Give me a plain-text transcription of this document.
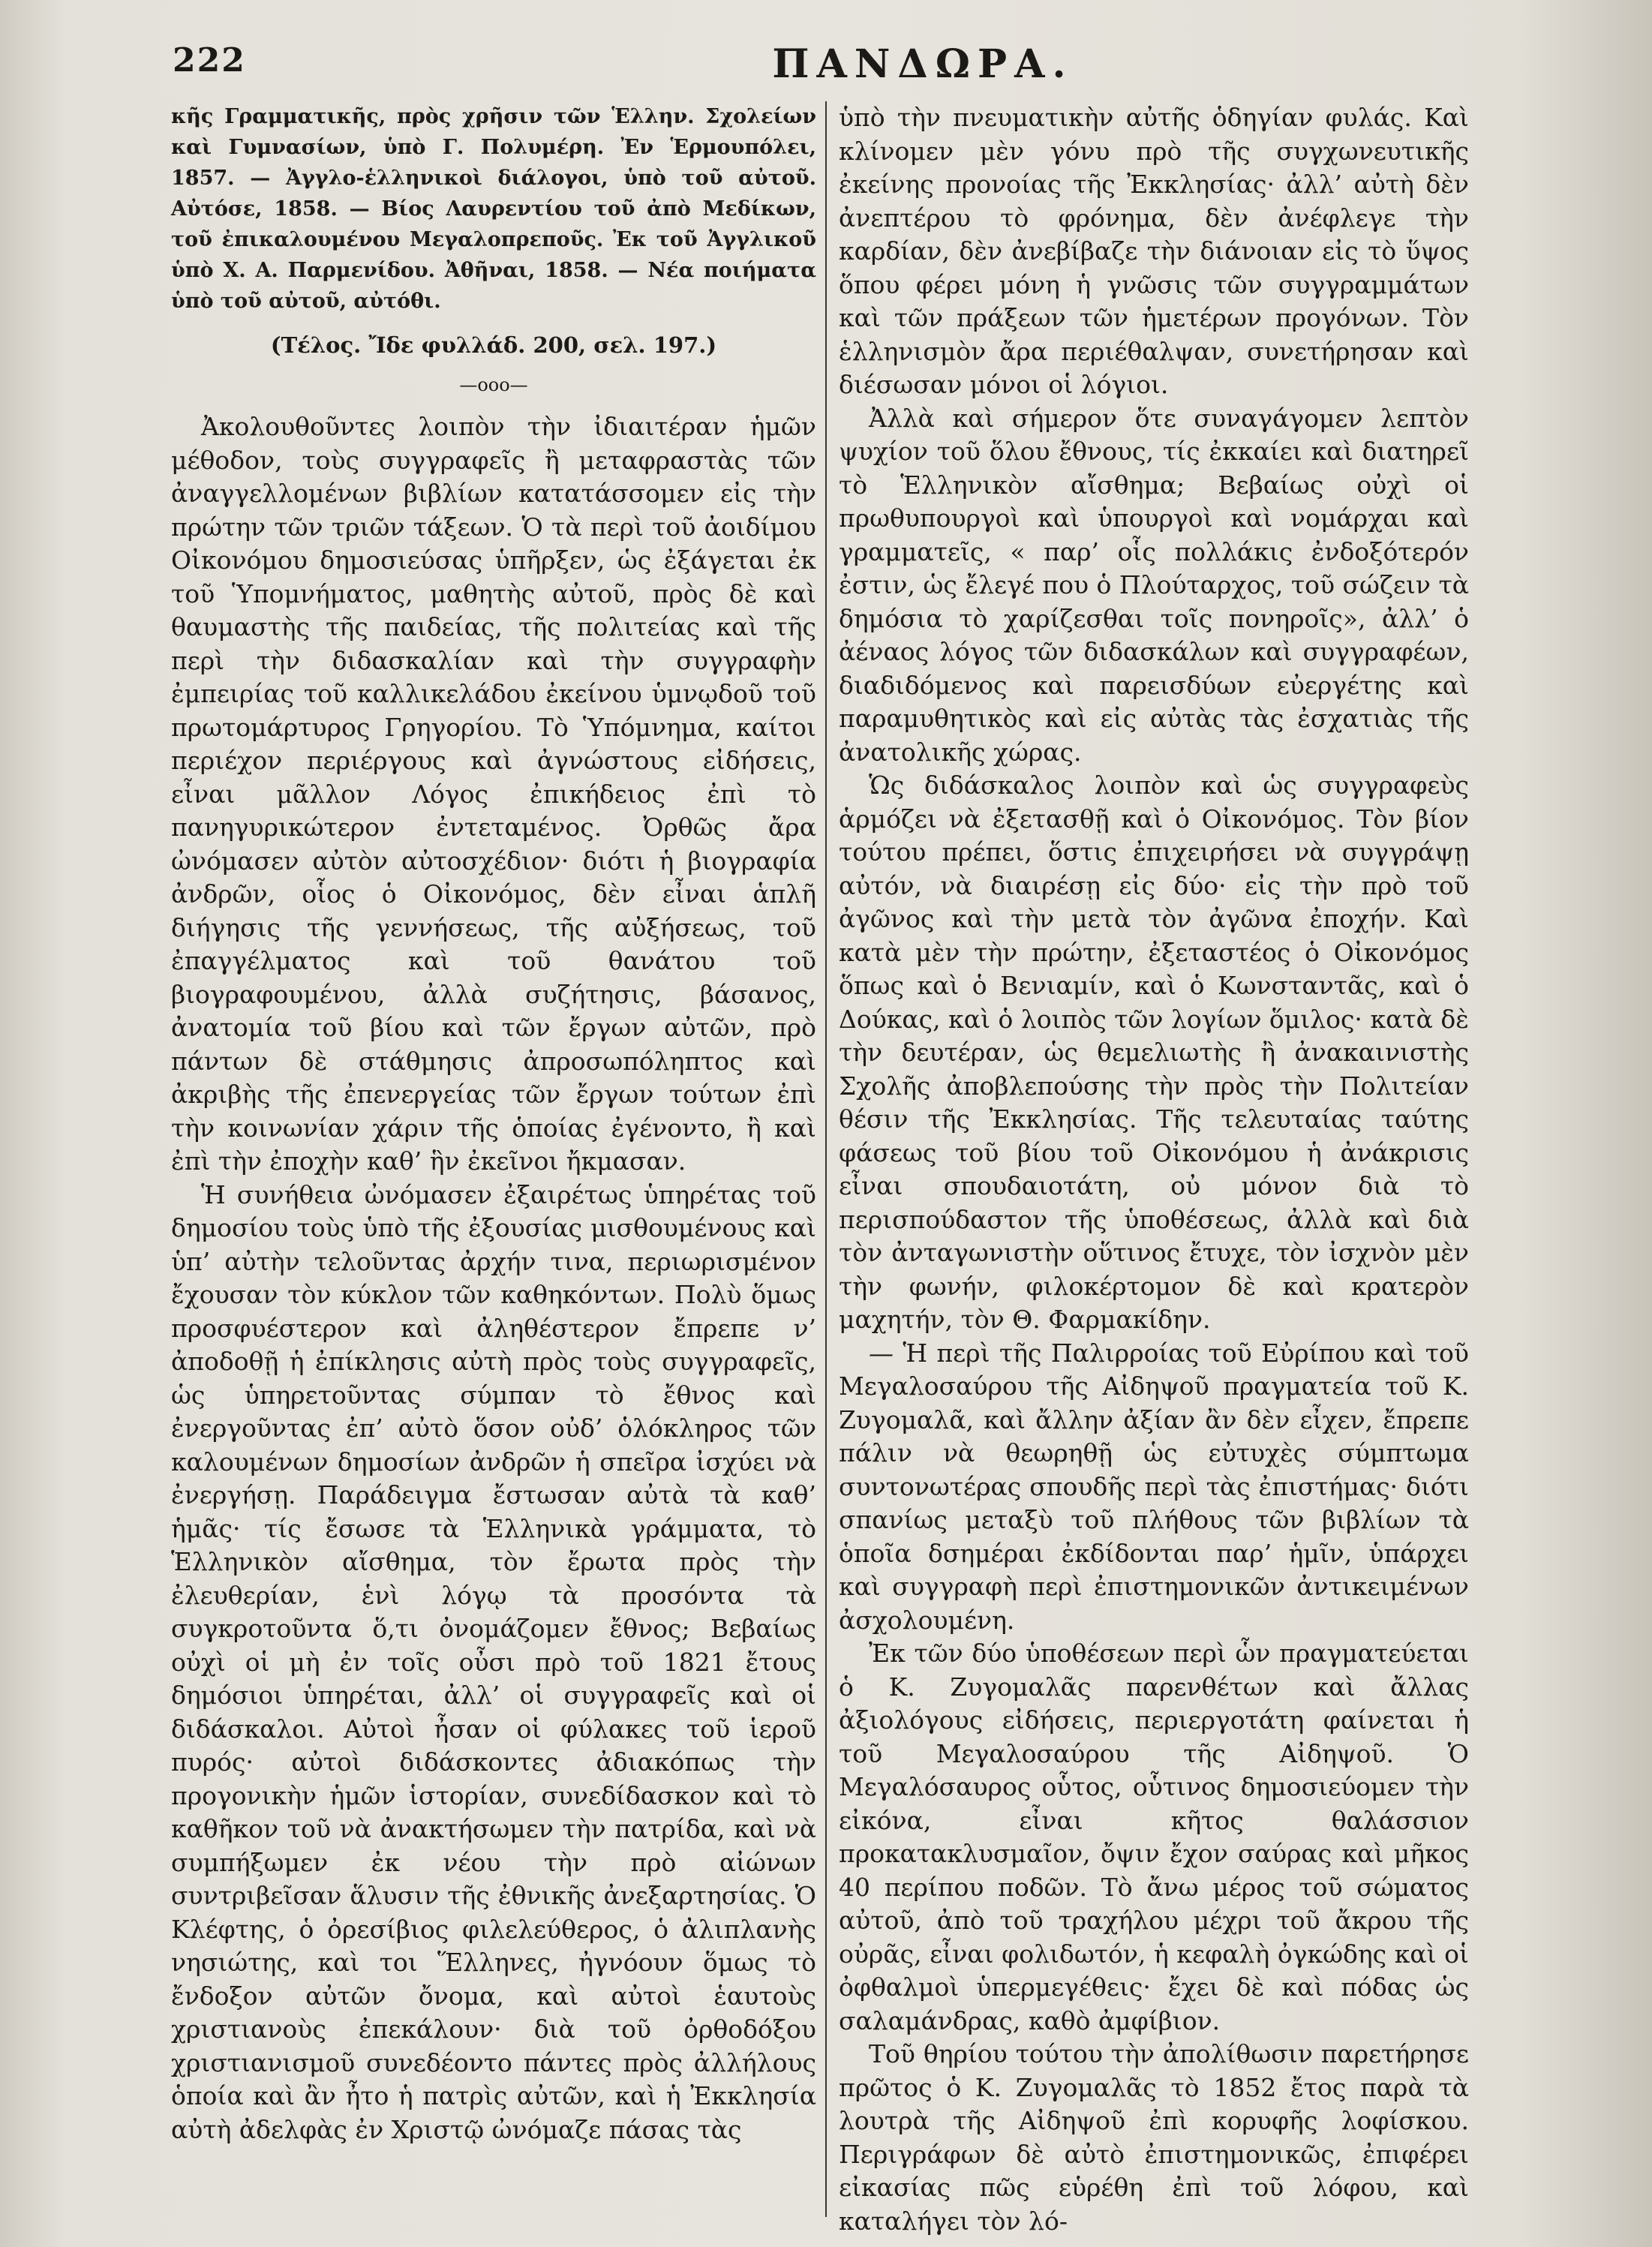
222	ΠΑΝΔΩΡΑ.

κῆς Γραμματικῆς, πρὸς χρῆσιν τῶν Ἑλλην. Σχολείων καὶ Γυμνασίων, ὑπὸ Γ. Πολυμέρη. Ἐν Ἑρμουπόλει, 1857. — Ἀγγλο-ἑλληνικοὶ διάλογοι, ὑπὸ τοῦ αὐτοῦ. Αὐτόσε, 1858. — Βίος Λαυρεντίου τοῦ ἀπὸ Μεδίκων, τοῦ ἐπικαλουμένου Μεγαλοπρεποῦς. Ἐκ τοῦ Ἀγγλικοῦ ὑπὸ Χ. Α. Παρμενίδου. Ἀθῆναι, 1858. — Νέα ποιήματα ὑπὸ τοῦ αὐτοῦ, αὐτόθι.

(Τέλος. Ἴδε φυλλάδ. 200, σελ. 197.)

—ooo—

Ἀκολουθοῦντες λοιπὸν τὴν ἰδιαιτέραν ἡμῶν μέθοδον, τοὺς συγγραφεῖς ἢ μεταφραστὰς τῶν ἀναγγελλομένων βιβλίων κατατάσσομεν εἰς τὴν πρώτην τῶν τριῶν τάξεων. Ὁ τὰ περὶ τοῦ ἀοιδίμου Οἰκονόμου δημοσιεύσας ὑπῆρξεν, ὡς ἐξάγεται ἐκ τοῦ Ὑπομνήματος, μαθητὴς αὐτοῦ, πρὸς δὲ καὶ θαυμαστὴς τῆς παιδείας, τῆς πολιτείας καὶ τῆς περὶ τὴν διδασκαλίαν καὶ τὴν συγγραφὴν ἐμπειρίας τοῦ καλλικελάδου ἐκείνου ὑμνῳδοῦ τοῦ πρωτομάρτυρος Γρηγορίου. Τὸ Ὑπόμνημα, καίτοι περιέχον περιέργους καὶ ἀγνώστους εἰδήσεις, εἶναι μᾶλλον Λόγος ἐπικήδειος ἐπὶ τὸ πανηγυρικώτερον ἐντεταμένος. Ὀρθῶς ἄρα ὠνόμασεν αὐτὸν αὐτοσχέδιον· διότι ἡ βιογραφία ἀνδρῶν, οἷος ὁ Οἰκονόμος, δὲν εἶναι ἁπλῆ διήγησις τῆς γεννήσεως, τῆς αὐξήσεως, τοῦ ἐπαγγέλματος καὶ τοῦ θανάτου τοῦ βιογραφουμένου, ἀλλὰ συζήτησις, βάσανος, ἀνατομία τοῦ βίου καὶ τῶν ἔργων αὐτῶν, πρὸ πάντων δὲ στάθμησις ἀπροσωπόληπτος καὶ ἀκριβὴς τῆς ἐπενεργείας τῶν ἔργων τούτων ἐπὶ τὴν κοινωνίαν χάριν τῆς ὁποίας ἐγένοντο, ἢ καὶ ἐπὶ τὴν ἐποχὴν καθ’ ἣν ἐκεῖνοι ἤκμασαν.

Ἡ συνήθεια ὠνόμασεν ἐξαιρέτως ὑπηρέτας τοῦ δημοσίου τοὺς ὑπὸ τῆς ἐξουσίας μισθουμένους καὶ ὑπ’ αὐτὴν τελοῦντας ἀρχήν τινα, περιωρισμένον ἔχουσαν τὸν κύκλον τῶν καθηκόντων. Πολὺ ὅμως προσφυέστερον καὶ ἀληθέστερον ἔπρεπε ν’ ἀποδοθῇ ἡ ἐπίκλησις αὐτὴ πρὸς τοὺς συγγραφεῖς, ὡς ὑπηρετοῦντας σύμπαν τὸ ἔθνος καὶ ἐνεργοῦντας ἐπ’ αὐτὸ ὅσον οὐδ’ ὁλόκληρος τῶν καλουμένων δημοσίων ἀνδρῶν ἡ σπεῖρα ἰσχύει νὰ ἐνεργήσῃ. Παράδειγμα ἔστωσαν αὐτὰ τὰ καθ’ ἡμᾶς· τίς ἔσωσε τὰ Ἑλληνικὰ γράμματα, τὸ Ἑλληνικὸν αἴσθημα, τὸν ἔρωτα πρὸς τὴν ἐλευθερίαν, ἑνὶ λόγῳ τὰ προσόντα τὰ συγκροτοῦντα ὅ,τι ὀνομάζομεν ἔθνος; Βεβαίως οὐχὶ οἱ μὴ ἐν τοῖς οὖσι πρὸ τοῦ 1821 ἔτους δημόσιοι ὑπηρέται, ἀλλ’ οἱ συγγραφεῖς καὶ οἱ διδάσκαλοι. Αὐτοὶ ἦσαν οἱ φύλακες τοῦ ἱεροῦ πυρός· αὐτοὶ διδάσκοντες ἀδιακόπως τὴν προγονικὴν ἡμῶν ἱστορίαν, συνεδίδασκον καὶ τὸ καθῆκον τοῦ νὰ ἀνακτήσωμεν τὴν πατρίδα, καὶ νὰ συμπήξωμεν ἐκ νέου τὴν πρὸ αἰώνων συντριβεῖσαν ἅλυσιν τῆς ἐθνικῆς ἀνεξαρτησίας. Ὁ Κλέφτης, ὁ ὀρεσίβιος φιλελεύθερος, ὁ ἀλιπλανὴς νησιώτης, καὶ τοι Ἕλληνες, ἠγνόουν ὅμως τὸ ἔνδοξον αὐτῶν ὄνομα, καὶ αὐτοὶ ἑαυτοὺς χριστιανοὺς ἐπεκάλουν· διὰ τοῦ ὀρθοδόξου χριστιανισμοῦ συνεδέοντο πάντες πρὸς ἀλλήλους ὁποία καὶ ἂν ἦτο ἡ πατρὶς αὐτῶν, καὶ ἡ Ἐκκλησία αὐτὴ ἀδελφὰς ἐν Χριστῷ ὠνόμαζε πάσας τὰς

ὑπὸ τὴν πνευματικὴν αὐτῆς ὁδηγίαν φυλάς. Καὶ κλίνομεν μὲν γόνυ πρὸ τῆς συγχωνευτικῆς ἐκείνης προνοίας τῆς Ἐκκλησίας· ἀλλ’ αὐτὴ δὲν ἀνεπτέρου τὸ φρόνημα, δὲν ἀνέφλεγε τὴν καρδίαν, δὲν ἀνεβίβαζε τὴν διάνοιαν εἰς τὸ ὕψος ὅπου φέρει μόνη ἡ γνῶσις τῶν συγγραμμάτων καὶ τῶν πράξεων τῶν ἡμετέρων προγόνων. Τὸν ἑλληνισμὸν ἄρα περιέθαλψαν, συνετήρησαν καὶ διέσωσαν μόνοι οἱ λόγιοι.

Ἀλλὰ καὶ σήμερον ὅτε συναγάγομεν λεπτὸν ψυχίον τοῦ ὅλου ἔθνους, τίς ἐκκαίει καὶ διατηρεῖ τὸ Ἑλληνικὸν αἴσθημα; Βεβαίως οὐχὶ οἱ πρωθυπουργοὶ καὶ ὑπουργοὶ καὶ νομάρχαι καὶ γραμματεῖς, « παρ’ οἷς πολλάκις ἐνδοξότερόν ἐστιν, ὡς ἔλεγέ που ὁ Πλούταρχος, τοῦ σώζειν τὰ δημόσια τὸ χαρίζεσθαι τοῖς πονηροῖς», ἀλλ’ ὁ ἀέναος λόγος τῶν διδασκάλων καὶ συγγραφέων, διαδιδόμενος καὶ παρεισδύων εὐεργέτης καὶ παραμυθητικὸς καὶ εἰς αὐτὰς τὰς ἐσχατιὰς τῆς ἀνατολικῆς χώρας.

Ὡς διδάσκαλος λοιπὸν καὶ ὡς συγγραφεὺς ἁρμόζει νὰ ἐξετασθῇ καὶ ὁ Οἰκονόμος. Τὸν βίον τούτου πρέπει, ὅστις ἐπιχειρήσει νὰ συγγράψῃ αὐτόν, νὰ διαιρέσῃ εἰς δύο· εἰς τὴν πρὸ τοῦ ἀγῶνος καὶ τὴν μετὰ τὸν ἀγῶνα ἐποχήν. Καὶ κατὰ μὲν τὴν πρώτην, ἐξεταστέος ὁ Οἰκονόμος ὅπως καὶ ὁ Βενιαμίν, καὶ ὁ Κωνσταντᾶς, καὶ ὁ Δούκας, καὶ ὁ λοιπὸς τῶν λογίων ὅμιλος· κατὰ δὲ τὴν δευτέραν, ὡς θεμελιωτὴς ἢ ἀνακαινιστὴς Σχολῆς ἀποβλεπούσης τὴν πρὸς τὴν Πολιτείαν θέσιν τῆς Ἐκκλησίας. Τῆς τελευταίας ταύτης φάσεως τοῦ βίου τοῦ Οἰκονόμου ἡ ἀνάκρισις εἶναι σπουδαιοτάτη, οὐ μόνον διὰ τὸ περισπούδαστον τῆς ὑποθέσεως, ἀλλὰ καὶ διὰ τὸν ἀνταγωνιστὴν οὕτινος ἔτυχε, τὸν ἰσχνὸν μὲν τὴν φωνήν, φιλοκέρτομον δὲ καὶ κρατερὸν μαχητήν, τὸν Θ. Φαρμακίδην.

— Ἡ περὶ τῆς Παλιρροίας τοῦ Εὐρίπου καὶ τοῦ Μεγαλοσαύρου τῆς Αἰδηψοῦ πραγματεία τοῦ Κ. Ζυγομαλᾶ, καὶ ἄλλην ἀξίαν ἂν δὲν εἶχεν, ἔπρεπε πάλιν νὰ θεωρηθῇ ὡς εὐτυχὲς σύμπτωμα συντονωτέρας σπουδῆς περὶ τὰς ἐπιστήμας· διότι σπανίως μεταξὺ τοῦ πλήθους τῶν βιβλίων τὰ ὁποῖα δσημέραι ἐκδίδονται παρ’ ἡμῖν, ὑπάρχει καὶ συγγραφὴ περὶ ἐπιστημονικῶν ἀντικειμένων ἀσχολουμένη.

Ἐκ τῶν δύο ὑποθέσεων περὶ ὧν πραγματεύεται ὁ Κ. Ζυγομαλᾶς παρενθέτων καὶ ἄλλας ἀξιολόγους εἰδήσεις, περιεργοτάτη φαίνεται ἡ τοῦ Μεγαλοσαύρου τῆς Αἰδηψοῦ. Ὁ Μεγαλόσαυρος οὗτος, οὗτινος δημοσιεύομεν τὴν εἰκόνα, εἶναι κῆτος θαλάσσιον προκατακλυσμαῖον, ὄψιν ἔχον σαύρας καὶ μῆκος 40 περίπου ποδῶν. Τὸ ἄνω μέρος τοῦ σώματος αὐτοῦ, ἀπὸ τοῦ τραχήλου μέχρι τοῦ ἄκρου τῆς οὐρᾶς, εἶναι φολιδωτόν, ἡ κεφαλὴ ὀγκώδης καὶ οἱ ὀφθαλμοὶ ὑπερμεγέθεις· ἔχει δὲ καὶ πόδας ὡς σαλαμάνδρας, καθὸ ἀμφίβιον.

Τοῦ θηρίου τούτου τὴν ἀπολίθωσιν παρετήρησε πρῶτος ὁ Κ. Ζυγομαλᾶς τὸ 1852 ἔτος παρὰ τὰ λουτρὰ τῆς Αἰδηψοῦ ἐπὶ κορυφῆς λοφίσκου. Περιγράφων δὲ αὐτὸ ἐπιστημονικῶς, ἐπιφέρει εἰκασίας πῶς εὑρέθη ἐπὶ τοῦ λόφου, καὶ καταλήγει τὸν λό-
